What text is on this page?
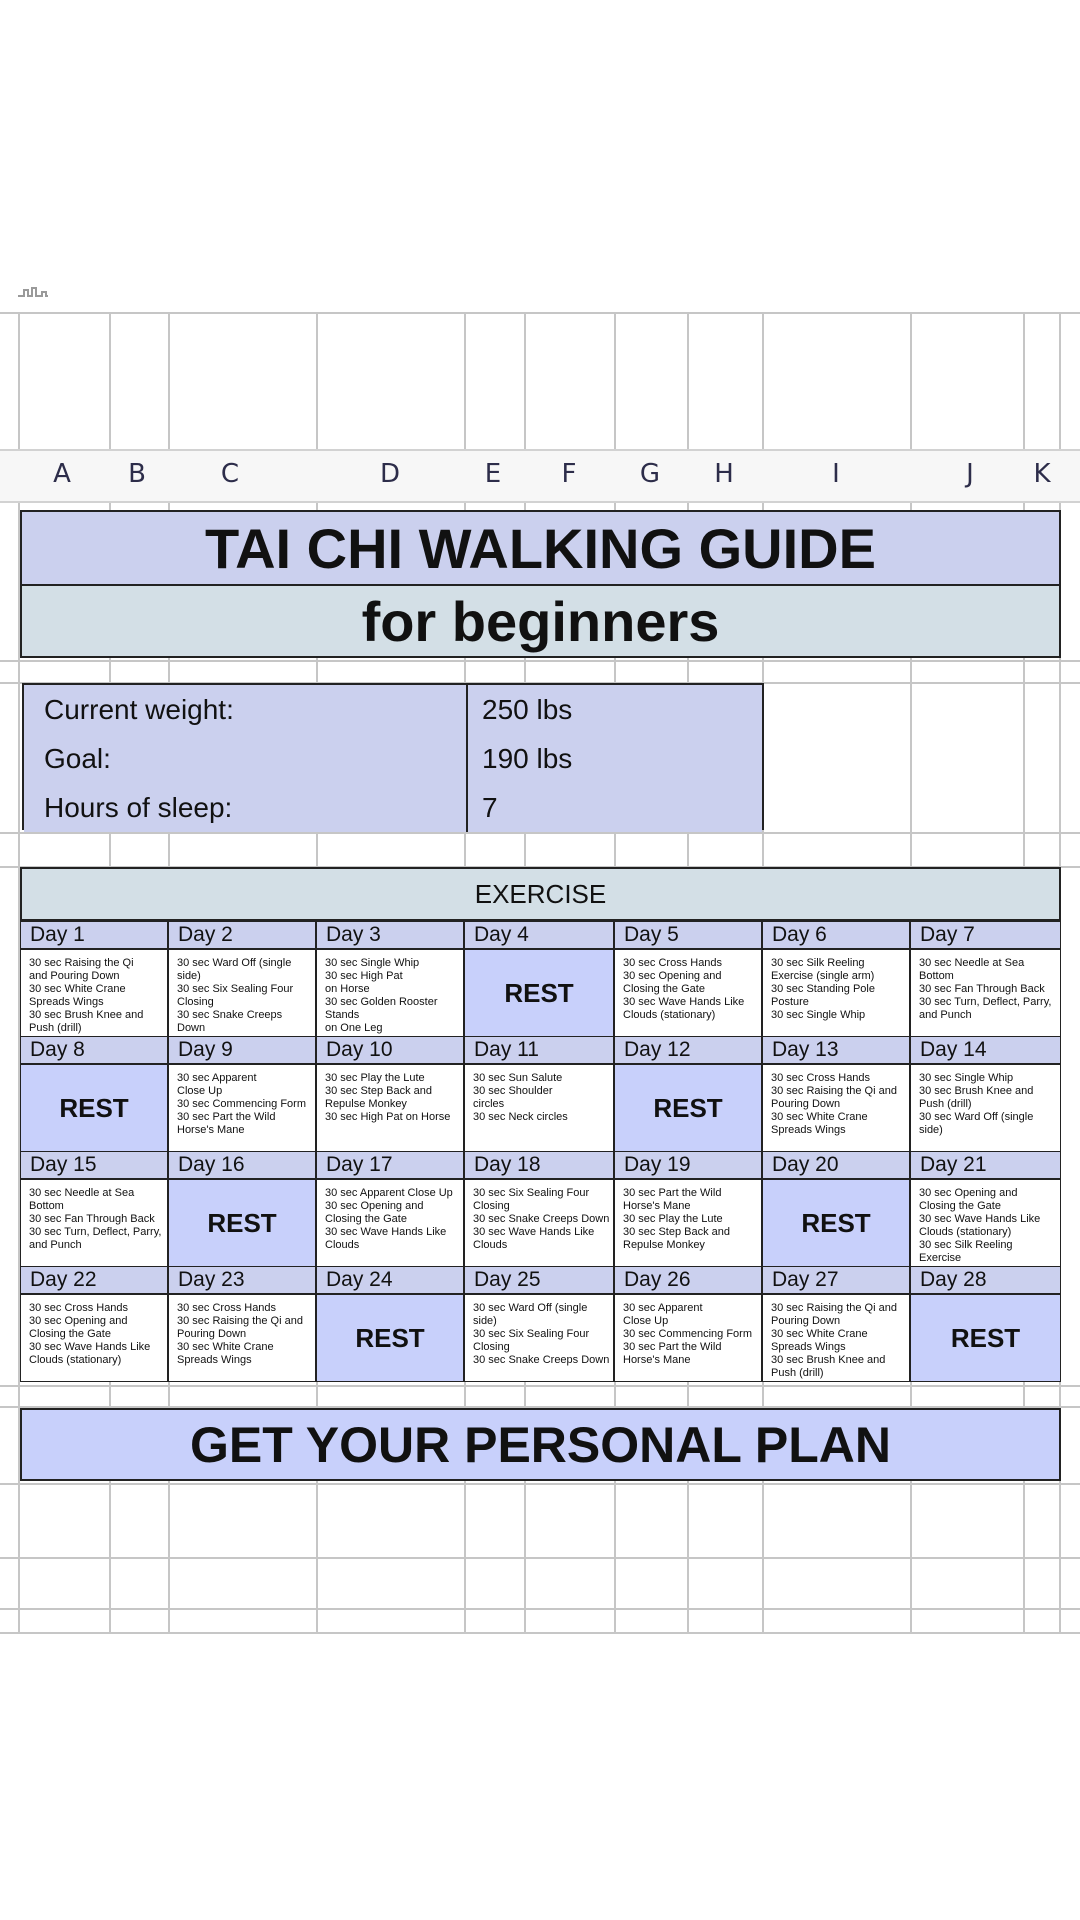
A	B	C	D	E	F	G	H	I	J	K
TAI CHI WALKING GUIDE
for beginners
Current weight:	250 lbs
Goal:	190 lbs
Hours of sleep:	7
EXERCISE
Day 1
30 sec Raising the Qi
and Pouring Down
30 sec White Crane
Spreads Wings
30 sec Brush Knee and
Push (drill)
Day 2
30 sec Ward Off (single side)
30 sec Six Sealing Four Closing
30 sec Snake Creeps Down
Day 3
30 sec Single Whip
30 sec High Pat
on Horse
30 sec Golden Rooster Stands
on One Leg
Day 4
REST
Day 5
30 sec Cross Hands
30 sec Opening and Closing the Gate
30 sec Wave Hands Like Clouds (stationary)
Day 6
30 sec Silk Reeling Exercise (single arm)
30 sec Standing Pole Posture
30 sec Single Whip
Day 7
30 sec Needle at Sea Bottom
30 sec Fan Through Back
30 sec Turn, Deflect, Parry, and Punch
Day 8
REST
Day 9
30 sec Apparent
Close Up
30 sec Commencing Form
30 sec Part the Wild Horse's Mane
Day 10
30 sec Play the Lute
30 sec Step Back and Repulse Monkey
30 sec High Pat on Horse
Day 11
30 sec Sun Salute
30 sec Shoulder
circles
30 sec Neck circles
Day 12
REST
Day 13
30 sec Cross Hands
30 sec Raising the Qi and Pouring Down
30 sec White Crane Spreads Wings
Day 14
30 sec Single Whip
30 sec Brush Knee and Push (drill)
30 sec Ward Off (single side)
Day 15
30 sec Needle at Sea Bottom
30 sec Fan Through Back
30 sec Turn, Deflect, Parry, and Punch
Day 16
REST
Day 17
30 sec Apparent Close Up
30 sec Opening and Closing the Gate
30 sec Wave Hands Like Clouds
Day 18
30 sec Six Sealing Four Closing
30 sec Snake Creeps Down
30 sec Wave Hands Like Clouds
Day 19
30 sec Part the Wild Horse's Mane
30 sec Play the Lute
30 sec Step Back and Repulse Monkey
Day 20
REST
Day 21
30 sec Opening and Closing the Gate
30 sec Wave Hands Like Clouds (stationary)
30 sec Silk Reeling Exercise
Day 22
30 sec Cross Hands
30 sec Opening and Closing the Gate
30 sec Wave Hands Like Clouds (stationary)
Day 23
30 sec Cross Hands
30 sec Raising the Qi and Pouring Down
30 sec White Crane Spreads Wings
Day 24
REST
Day 25
30 sec Ward Off (single side)
30 sec Six Sealing Four Closing
30 sec Snake Creeps Down
Day 26
30 sec Apparent
Close Up
30 sec Commencing Form
30 sec Part the Wild Horse's Mane
Day 27
30 sec Raising the Qi and Pouring Down
30 sec White Crane Spreads Wings
30 sec Brush Knee and Push (drill)
Day 28
REST
GET YOUR PERSONAL PLAN
